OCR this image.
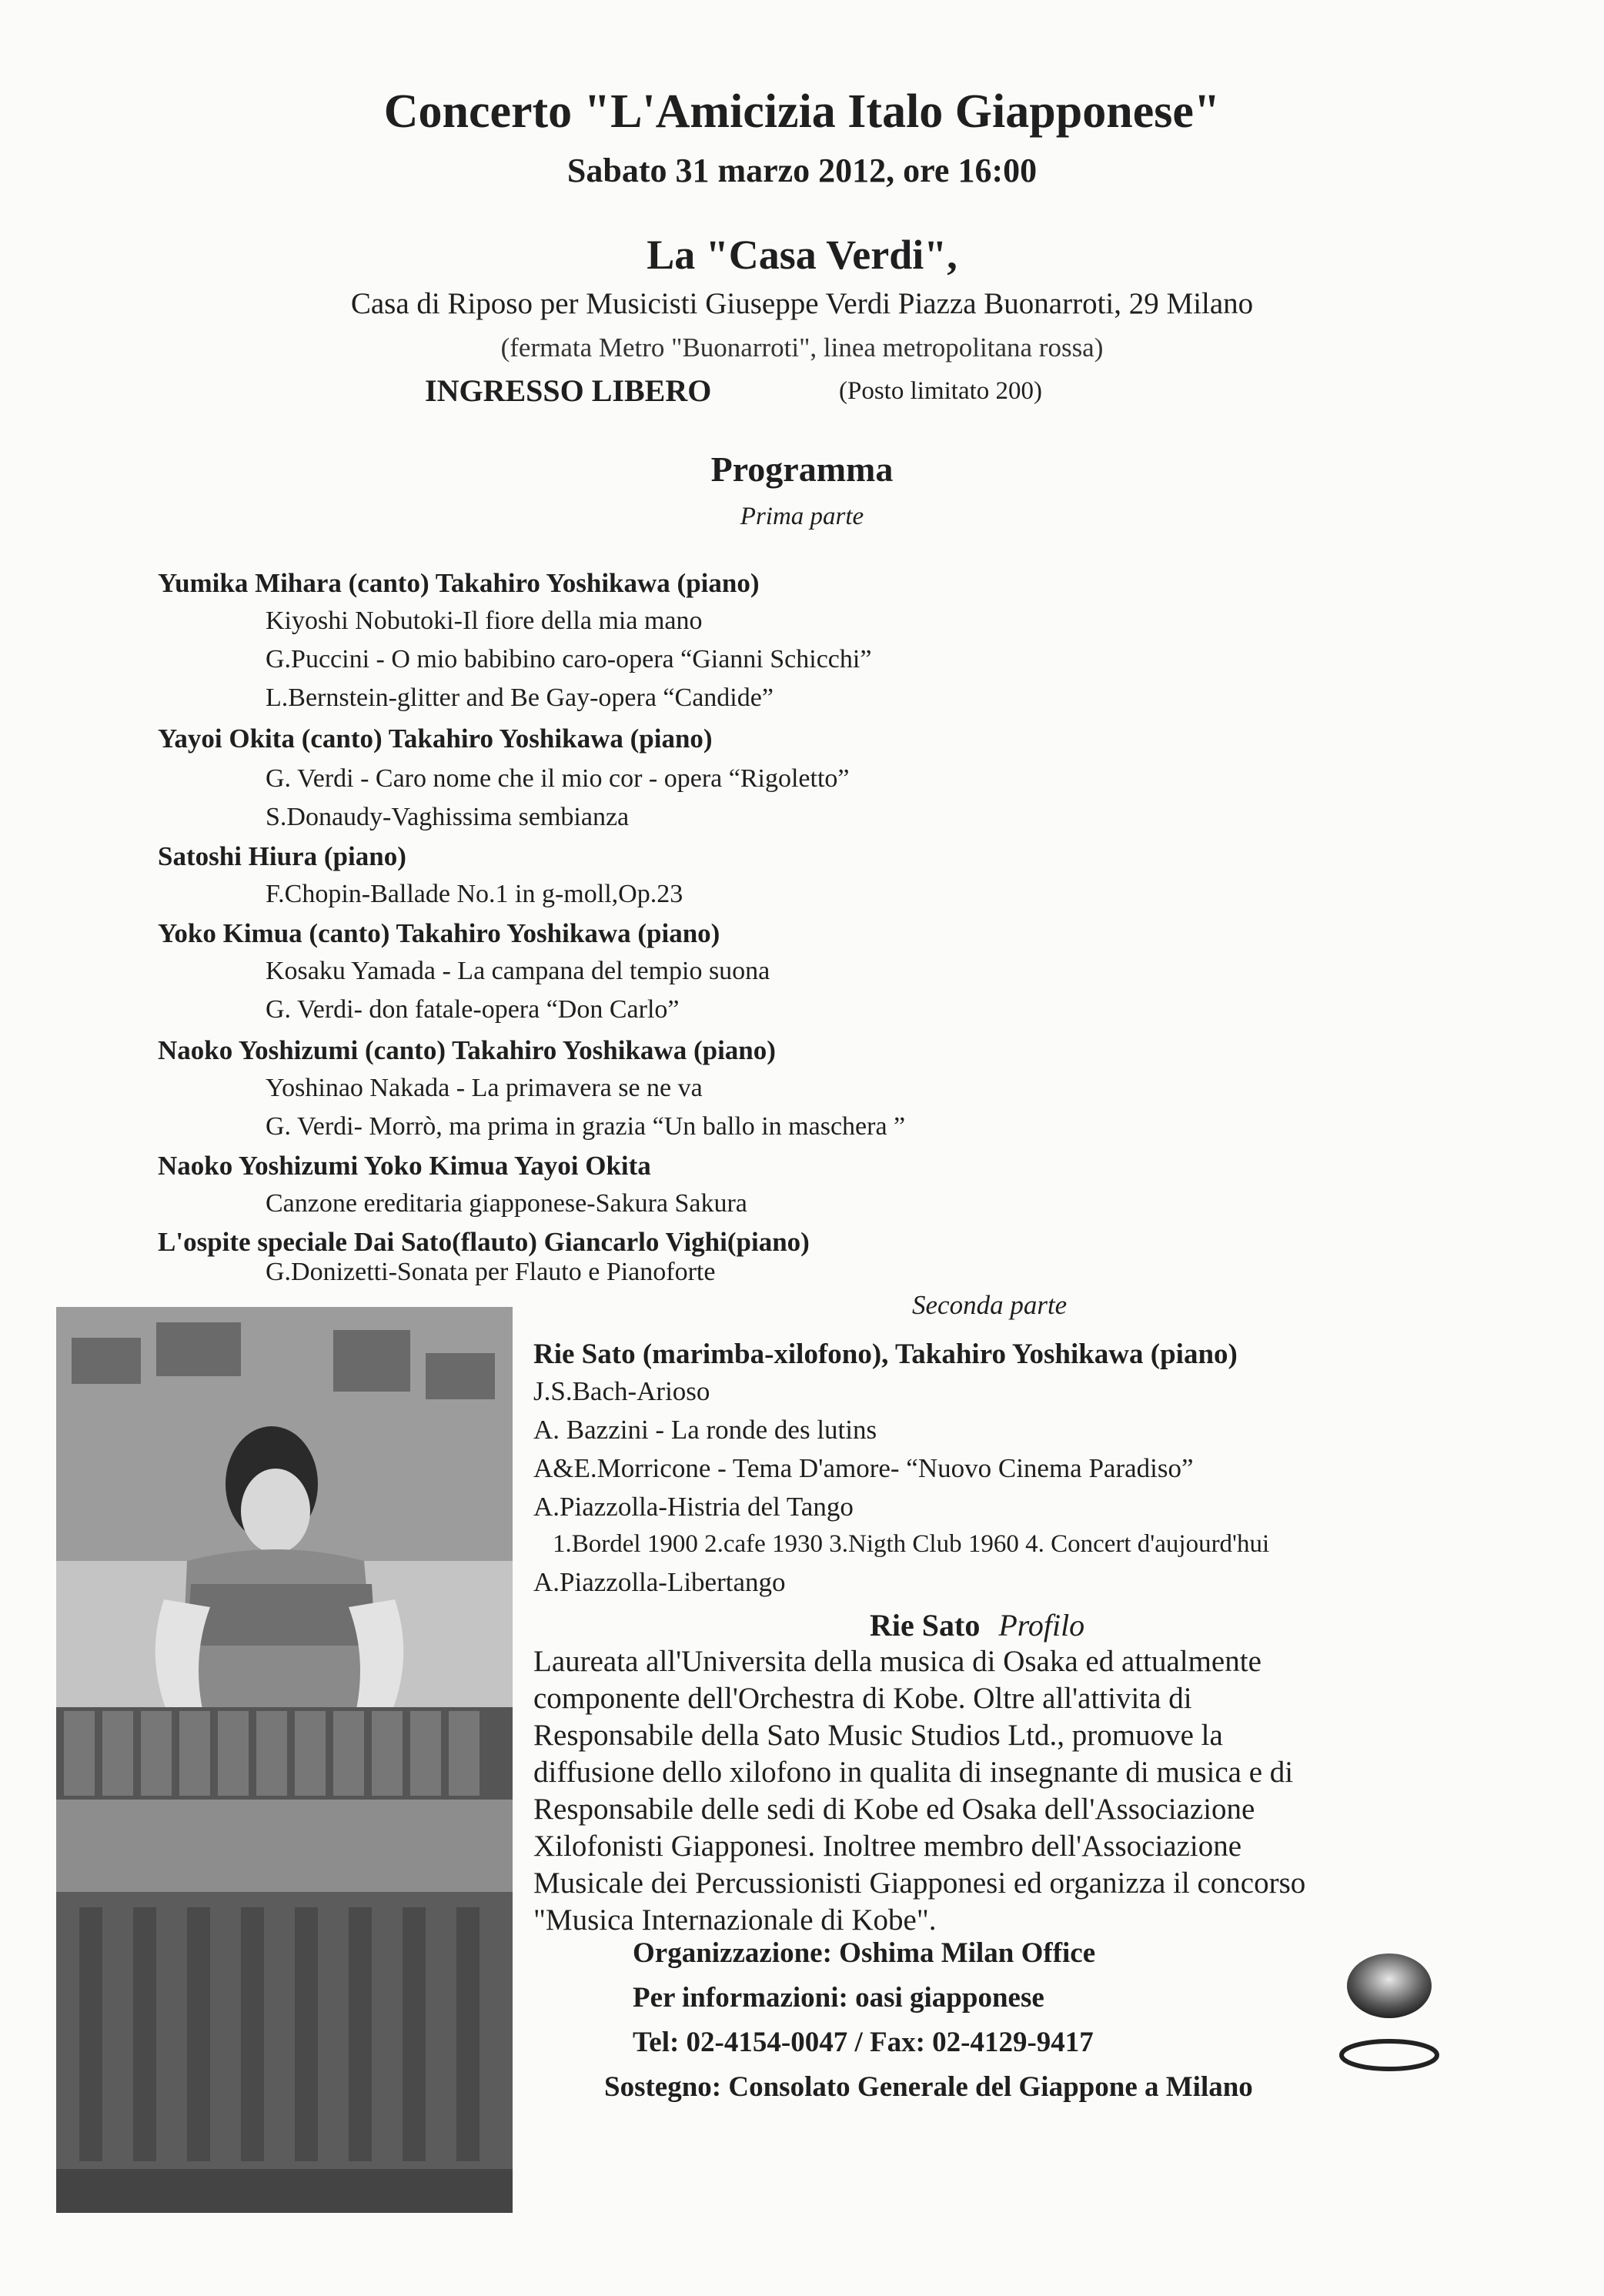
Concerto "L'Amicizia Italo Giapponese"
Sabato 31 marzo 2012, ore 16:00
La "Casa Verdi",
Casa di Riposo per Musicisti Giuseppe Verdi Piazza Buonarroti, 29 Milano
(fermata Metro "Buonarroti", linea metropolitana rossa)
INGRESSO LIBERO	(Posto limitato 200)
Programma
Prima parte
Yumika Mihara (canto) Takahiro Yoshikawa (piano)
Kiyoshi Nobutoki-Il fiore della mia mano
G.Puccini - O mio babibino caro-opera “Gianni Schicchi”
L.Bernstein-glitter and Be Gay-opera “Candide”
Yayoi Okita (canto) Takahiro Yoshikawa (piano)
G. Verdi - Caro nome che il mio cor - opera “Rigoletto”
S.Donaudy-Vaghissima sembianza
Satoshi Hiura (piano)
F.Chopin-Ballade No.1 in g-moll,Op.23
Yoko Kimua (canto) Takahiro Yoshikawa (piano)
Kosaku Yamada - La campana del tempio suona
G. Verdi- don fatale-opera “Don Carlo”
Naoko Yoshizumi (canto) Takahiro Yoshikawa (piano)
Yoshinao Nakada - La primavera se ne va
G. Verdi- Morrò, ma prima in grazia “Un ballo in maschera ”
Naoko Yoshizumi Yoko Kimua Yayoi Okita
Canzone ereditaria giapponese-Sakura Sakura
L'ospite speciale Dai Sato(flauto) Giancarlo Vighi(piano)
G.Donizetti-Sonata per Flauto e Pianoforte
Seconda parte
Rie Sato (marimba-xilofono), Takahiro Yoshikawa (piano)
J.S.Bach-Arioso
A. Bazzini - La ronde des lutins
A&E.Morricone - Tema D'amore- “Nuovo Cinema Paradiso”
A.Piazzolla-Histria del Tango
1.Bordel 1900 2.cafe 1930 3.Nigth Club 1960 4. Concert d'aujourd'hui
A.Piazzolla-Libertango
Rie Sato Profilo
Laureata all'Universita della musica di Osaka ed attualmente
componente dell'Orchestra di Kobe. Oltre all'attivita di
Responsabile della Sato Music Studios Ltd., promuove la
diffusione dello xilofono in qualita di insegnante di musica e di
Responsabile delle sedi di Kobe ed Osaka dell'Associazione
Xilofonisti Giapponesi. Inoltree membro dell'Associazione
Musicale dei Percussionisti Giapponesi ed organizza il concorso
"Musica Internazionale di Kobe".
Organizzazione: Oshima Milan Office
Per informazioni: oasi giapponese
Tel: 02-4154-0047 / Fax: 02-4129-9417
Sostegno: Consolato Generale del Giappone a Milano
